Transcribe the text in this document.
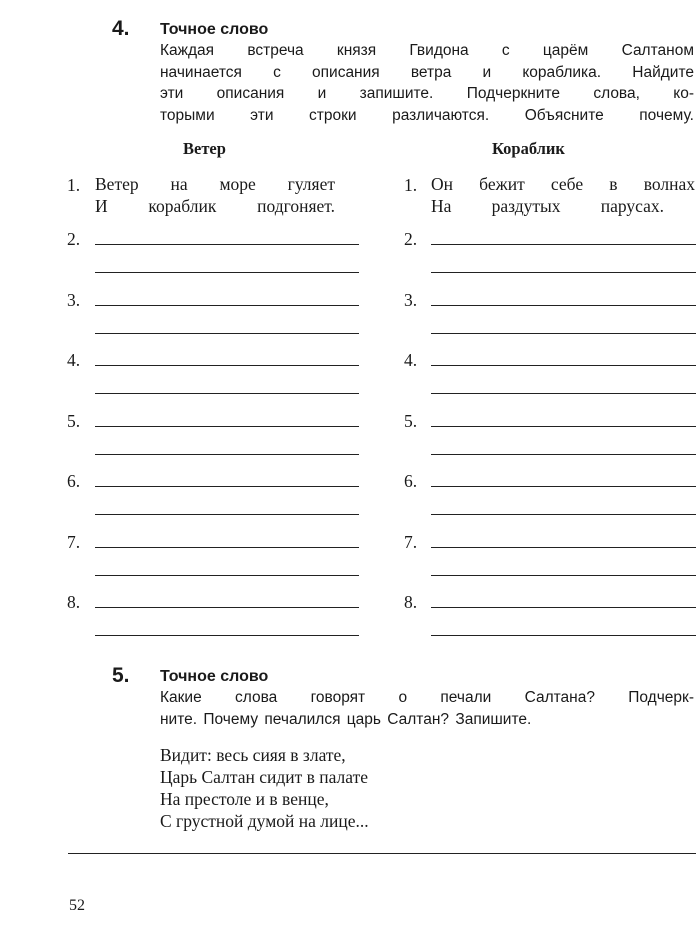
4. Точное слово
Каждая встреча князя Гвидона с царём Салтаном
начинается с описания ветра и кораблика. Найдите
эти описания и запишите. Подчеркните слова, ко-
торыми эти строки различаются. Объясните почему.
Ветер	Кораблик
1. Ветер на море гуляет
И кораблик подгоняет.
1. Он бежит себе в волнах
На раздутых парусах.
2.	2.
3.	3.
4.	4.
5.	5.
6.	6.
7.	7.
8.	8.
5. Точное слово
Какие слова говорят о печали Салтана? Подчерк-
ните. Почему печалился царь Салтан? Запишите.
Видит: весь сияя в злате,
Царь Салтан сидит в палате
На престоле и в венце,
С грустной думой на лице...
52
